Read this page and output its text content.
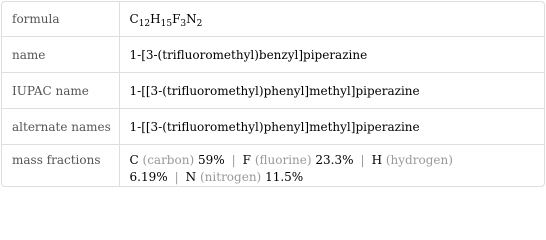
formula	$C_{12}H_{15}F_3N_2$
name	1-[3-(trifluoromethyl)benzyl]piperazine
IUPAC name	1-[[3-(trifluoromethyl)phenyl]methyl]piperazine
alternate names	1-[[3-(trifluoromethyl)phenyl]methyl]piperazine
mass fractions	C (carbon) 59% | F (fluorine) 23.3% | H (hydrogen)
6.19% | N (nitrogen) 11.5%
